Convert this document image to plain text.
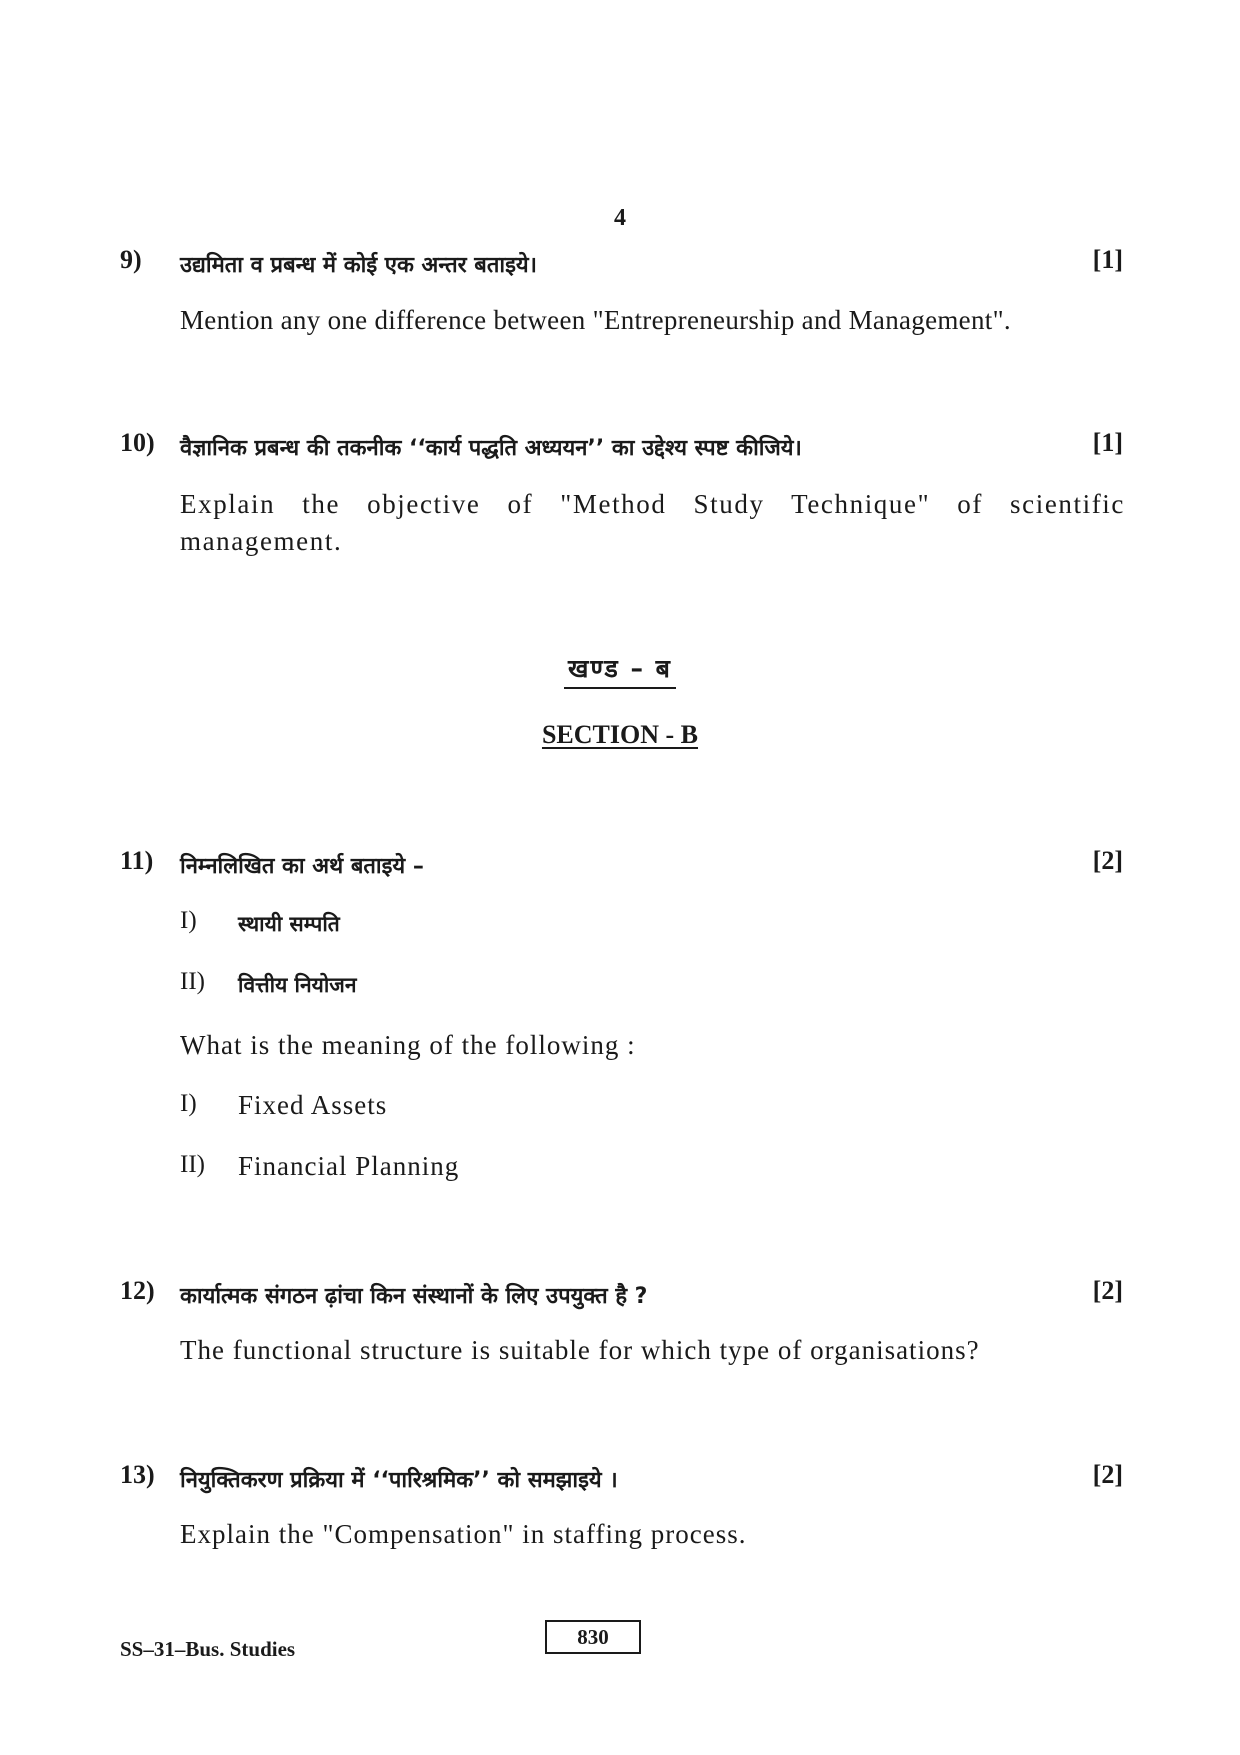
4
9) उद्यमिता व प्रबन्ध में कोई एक अन्तर बताइये।	[1]
Mention any one difference between "Entrepreneurship and Management".
10) वैज्ञानिक प्रबन्ध की तकनीक ‘‘कार्य पद्धति अध्ययन’’ का उद्देश्य स्पष्ट कीजिये।	[1]
Explain the objective of "Method Study Technique" of scientific management.
खण्ड – ब
SECTION - B
11) निम्नलिखित का अर्थ बताइये –	[2]
I) स्थायी सम्पति
II) वित्तीय नियोजन
What is the meaning of the following :
I) Fixed Assets
II) Financial Planning
12) कार्यात्मक संगठन ढ़ांचा किन संस्थानों के लिए उपयुक्त है ?	[2]
The functional structure is suitable for which type of organisations?
13) नियुक्तिकरण प्रक्रिया में ‘‘पारिश्रमिक’’ को समझाइये ।	[2]
Explain the "Compensation" in staffing process.
SS–31–Bus. Studies	830
